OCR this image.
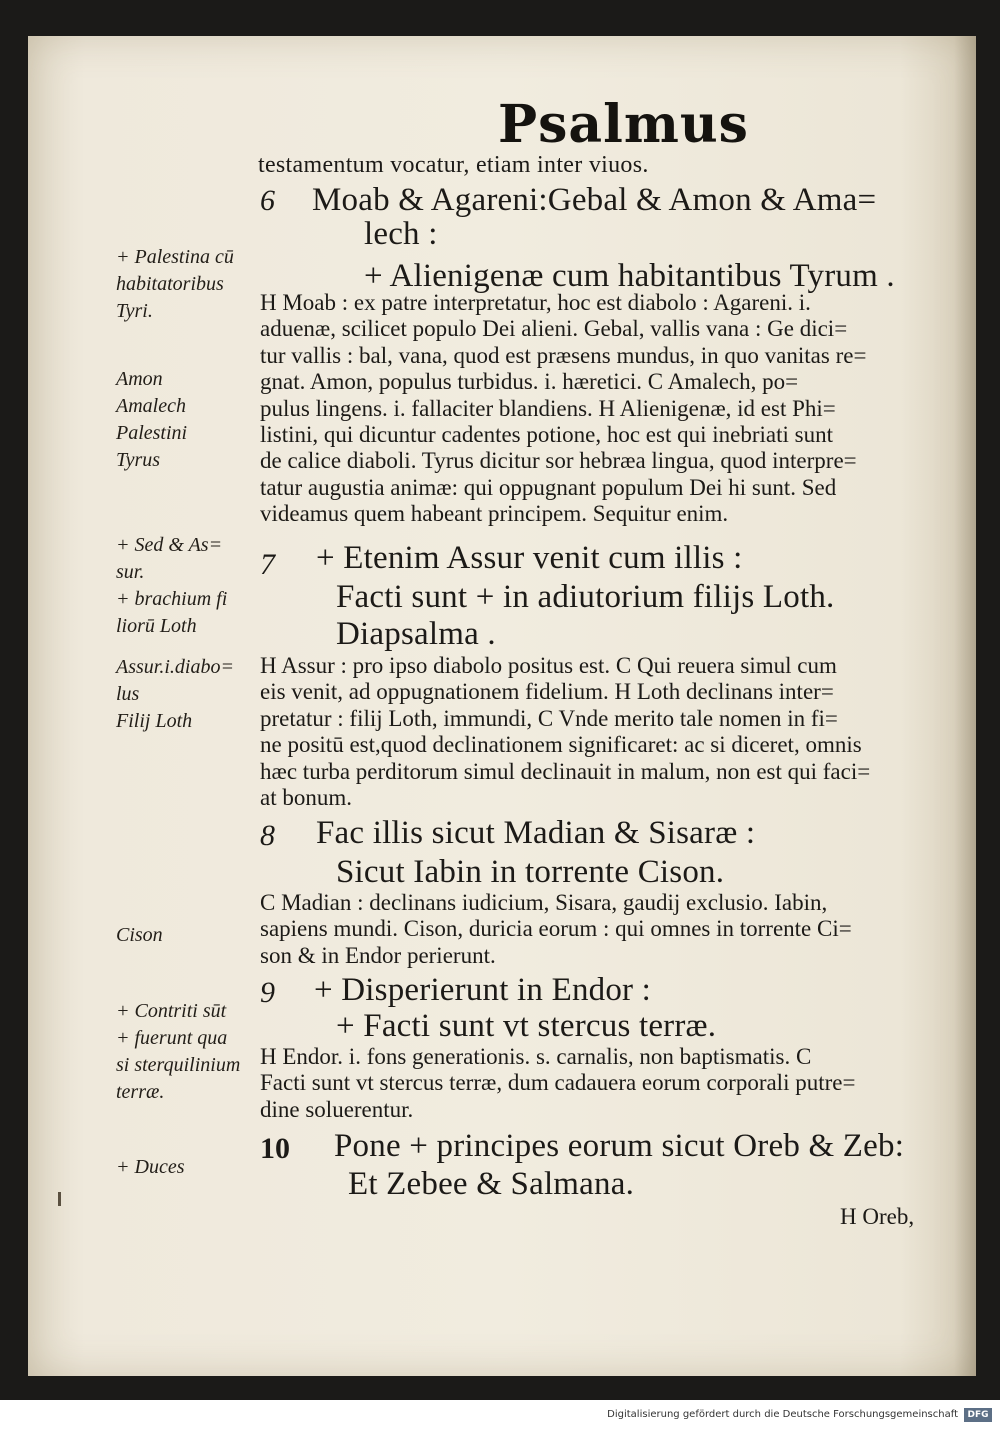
Psalmus
testamentum vocatur, etiam inter viuos.
6 Moab & Agareni:Gebal & Amon & Ama=
lech :
+ Alienigenæ cum habitantibus Tyrum .

H Moab : ex patre interpretatur, hoc est diabolo : Agareni. i.

aduenæ, scilicet populo Dei alieni. Gebal, vallis vana : Ge dici=

tur vallis : bal, vana, quod est præsens mundus, in quo vanitas re=

gnat. Amon, populus turbidus. i. hæretici. C Amalech, po=

pulus lingens. i. fallaciter blandiens. H Alienigenæ, id est Phi=

listini, qui dicuntur cadentes potione, hoc est qui inebriati sunt

de calice diaboli. Tyrus dicitur sor hebræa lingua, quod interpre=

tatur augustia animæ: qui oppugnant populum Dei hi sunt. Sed

videamus quem habeant principem. Sequitur enim.

7 + Etenim Assur venit cum illis :
Facti sunt + in adiutorium filijs Loth.
Diapsalma .

H Assur : pro ipso diabolo positus est. C Qui reuera simul cum

eis venit, ad oppugnationem fidelium. H Loth declinans inter=

pretatur : filij Loth, immundi, C Vnde merito tale nomen in fi=

ne positū est,quod declinationem significaret: ac si diceret, omnis

hæc turba perditorum simul declinauit in malum, non est qui faci=

at bonum.

8 Fac illis sicut Madian & Sisaræ :
Sicut Iabin in torrente Cison.

C Madian : declinans iudicium, Sisara, gaudij exclusio. Iabin,

sapiens mundi. Cison, duricia eorum : qui omnes in torrente Ci=

son & in Endor perierunt.

9 + Disperierunt in Endor :
+ Facti sunt vt stercus terræ.

H Endor. i. fons generationis. s. carnalis, non baptismatis. C

Facti sunt vt stercus terræ, dum cadauera eorum corporali putre=

dine soluerentur.

10 Pone + principes eorum sicut Oreb & Zeb:
Et Zebee & Salmana.
H Oreb,
+ Palestina cū
habitatoribus
Tyri.
Amon
Amalech
Palestini
Tyrus
+ Sed & As=
sur.
+ brachium fi
liorū Loth
Assur.i.diabo=
lus
Filij Loth
Cison
+ Contriti sūt
+ fuerunt qua
si sterquilinium
terræ.
+ Duces
Digitalisierung gefördert durch die Deutsche Forschungsgemeinschaft	DFG
